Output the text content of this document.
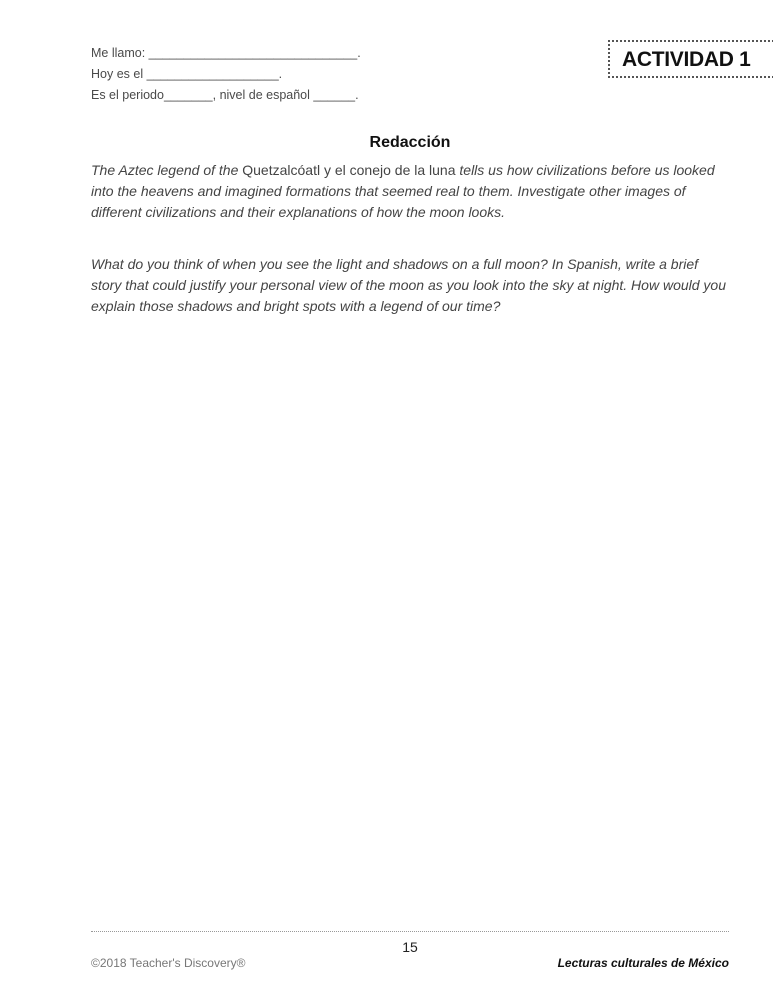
Me llamo: ______________________________.
Hoy es el ___________________.
Es el periodo_______, nivel de español ______.
ACTIVIDAD 1
Redacción
The Aztec legend of the Quetzalcóatl y el conejo de la luna tells us how civilizations before us looked into the heavens and imagined formations that seemed real to them. Investigate other images of different civilizations and their explanations of how the moon looks.
What do you think of when you see the light and shadows on a full moon? In Spanish, write a brief story that could justify your personal view of the moon as you look into the sky at night. How would you explain those shadows and bright spots with a legend of our time?
15
©2018 Teacher's Discovery®	Lecturas culturales de México
